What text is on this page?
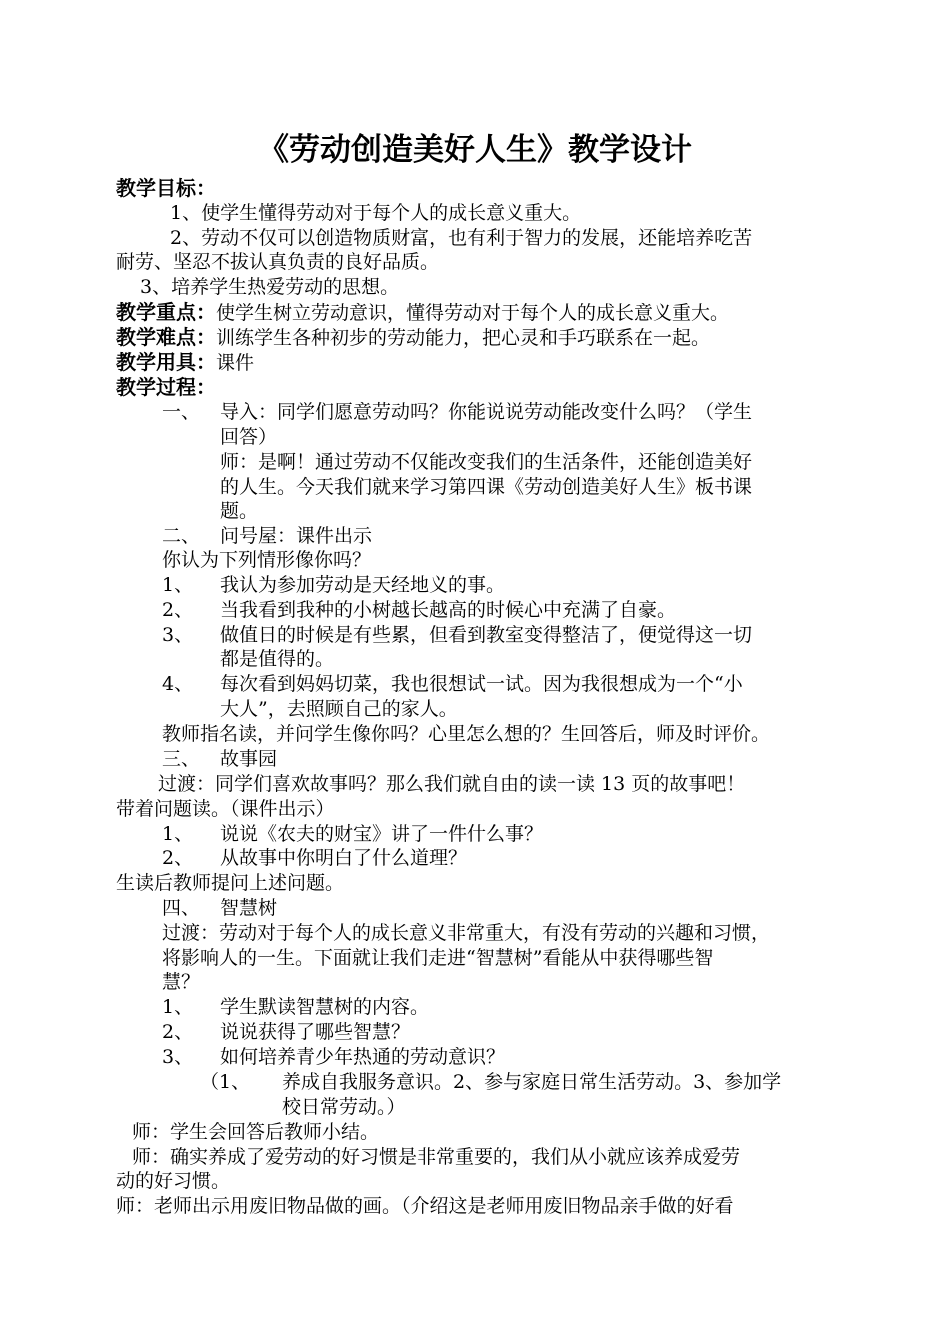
《劳动创造美好人生》教学设计
教学目标：
1、使学生懂得劳动对于每个人的成长意义重大。
2、劳动不仅可以创造物质财富，也有利于智力的发展，还能培养吃苦
耐劳、坚忍不拔认真负责的良好品质。
3、培养学生热爱劳动的思想。
教学重点：使学生树立劳动意识，懂得劳动对于每个人的成长意义重大。
教学难点：训练学生各种初步的劳动能力，把心灵和手巧联系在一起。
教学用具：课件
教学过程：
一、 导入：同学们愿意劳动吗？你能说说劳动能改变什么吗？（学生
回答）
师：是啊！通过劳动不仅能改变我们的生活条件，还能创造美好
的人生。今天我们就来学习第四课《劳动创造美好人生》板书课
题。
二、 问号屋：课件出示
你认为下列情形像你吗？
1、 我认为参加劳动是天经地义的事。
2、 当我看到我种的小树越长越高的时候心中充满了自豪。
3、 做值日的时候是有些累，但看到教室变得整洁了，便觉得这一切
都是值得的。
4、 每次看到妈妈切菜，我也很想试一试。因为我很想成为一个“小
大人”，去照顾自己的家人。
教师指名读，并问学生像你吗？心里怎么想的？生回答后，师及时评价。
三、 故事园
过渡：同学们喜欢故事吗？那么我们就自由的读一读 13 页的故事吧！
带着问题读。（课件出示）
1、 说说《农夫的财宝》讲了一件什么事？
2、 从故事中你明白了什么道理？
生读后教师提问上述问题。
四、 智慧树
过渡：劳动对于每个人的成长意义非常重大，有没有劳动的兴趣和习惯，
将影响人的一生。下面就让我们走进“智慧树”看能从中获得哪些智
慧？
1、 学生默读智慧树的内容。
2、 说说获得了哪些智慧？
3、 如何培养青少年热通的劳动意识？
（1、 养成自我服务意识。2、参与家庭日常生活劳动。3、参加学
校日常劳动。）
师：学生会回答后教师小结。
师：确实养成了爱劳动的好习惯是非常重要的，我们从小就应该养成爱劳
动的好习惯。
师：老师出示用废旧物品做的画。（介绍这是老师用废旧物品亲手做的好看
